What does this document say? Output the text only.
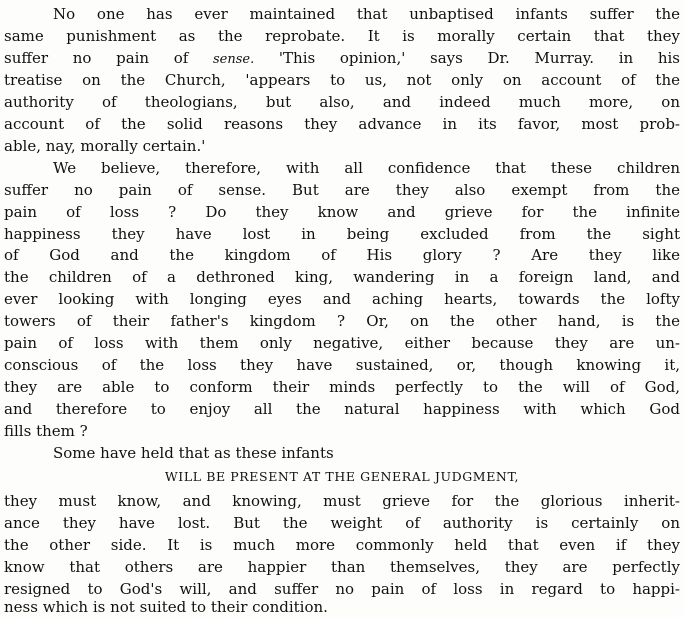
No one has ever maintained that unbaptised infants suffer the
same punishment as the reprobate. It is morally certain that they
suffer no pain of sense. 'This opinion,' says Dr. Murray. in his
treatise on the Church, 'appears to us, not only on account of the
authority of theologians, but also, and indeed much more, on
account of the solid reasons they advance in its favor, most prob-
able, nay, morally certain.'
We believe, therefore, with all confidence that these children
suffer no pain of sense. But are they also exempt from the
pain of loss ? Do they know and grieve for the infinite
happiness they have lost in being excluded from the sight
of God and the kingdom of His glory ? Are they like
the children of a dethroned king, wandering in a foreign land, and
ever looking with longing eyes and aching hearts, towards the lofty
towers of their father's kingdom ? Or, on the other hand, is the
pain of loss with them only negative, either because they are un-
conscious of the loss they have sustained, or, though knowing it,
they are able to conform their minds perfectly to the will of God,
and therefore to enjoy all the natural happiness with which God
fills them ?
Some have held that as these infants
WILL BE PRESENT AT THE GENERAL JUDGMENT,
they must know, and knowing, must grieve for the glorious inherit-
ance they have lost. But the weight of authority is certainly on
the other side. It is much more commonly held that even if they
know that others are happier than themselves, they are perfectly
resigned to God's will, and suffer no pain of loss in regard to happi-
ness which is not suited to their condition.
